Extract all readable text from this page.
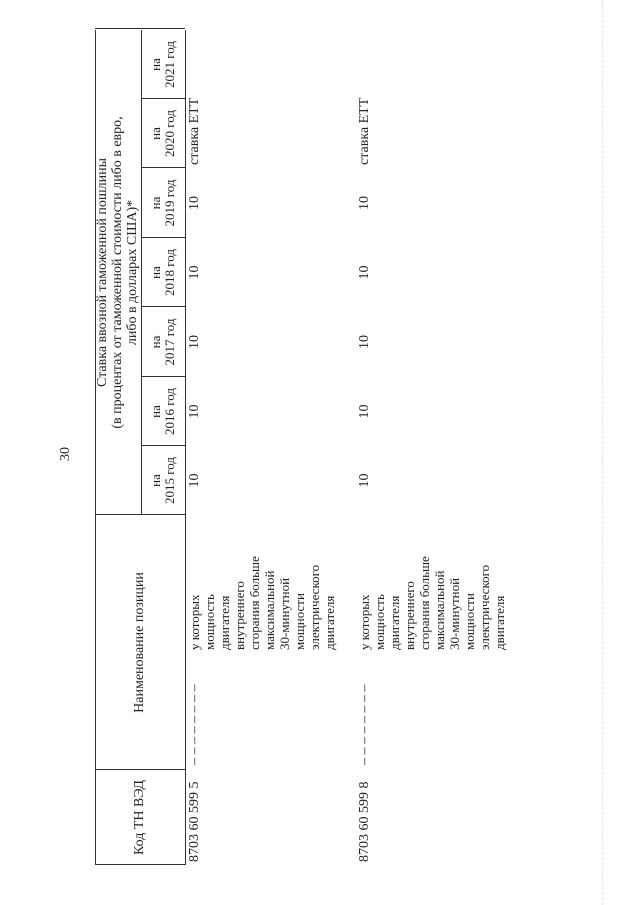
30
Код ТН ВЭД
Наименование позиции
Ставка ввозной таможенной пошлины (в процентах от таможенной стоимости либо в евро, либо в долларах США)*
на 2015 год
на 2016 год
на 2017 год
на 2018 год
на 2019 год
на 2020 год
на 2021 год
8703 60 599 5
– – – – – – – –
у которых мощность двигателя внутреннего сгорания больше максимальной 30-минутной мощности электрического двигателя
10
10
10
10
10
ставка ЕТТ
8703 60 599 8
– – – – – – – –
у которых мощность двигателя внутреннего сгорания больше максимальной 30-минутной мощности электрического двигателя
10
10
10
10
10
ставка ЕТТ
